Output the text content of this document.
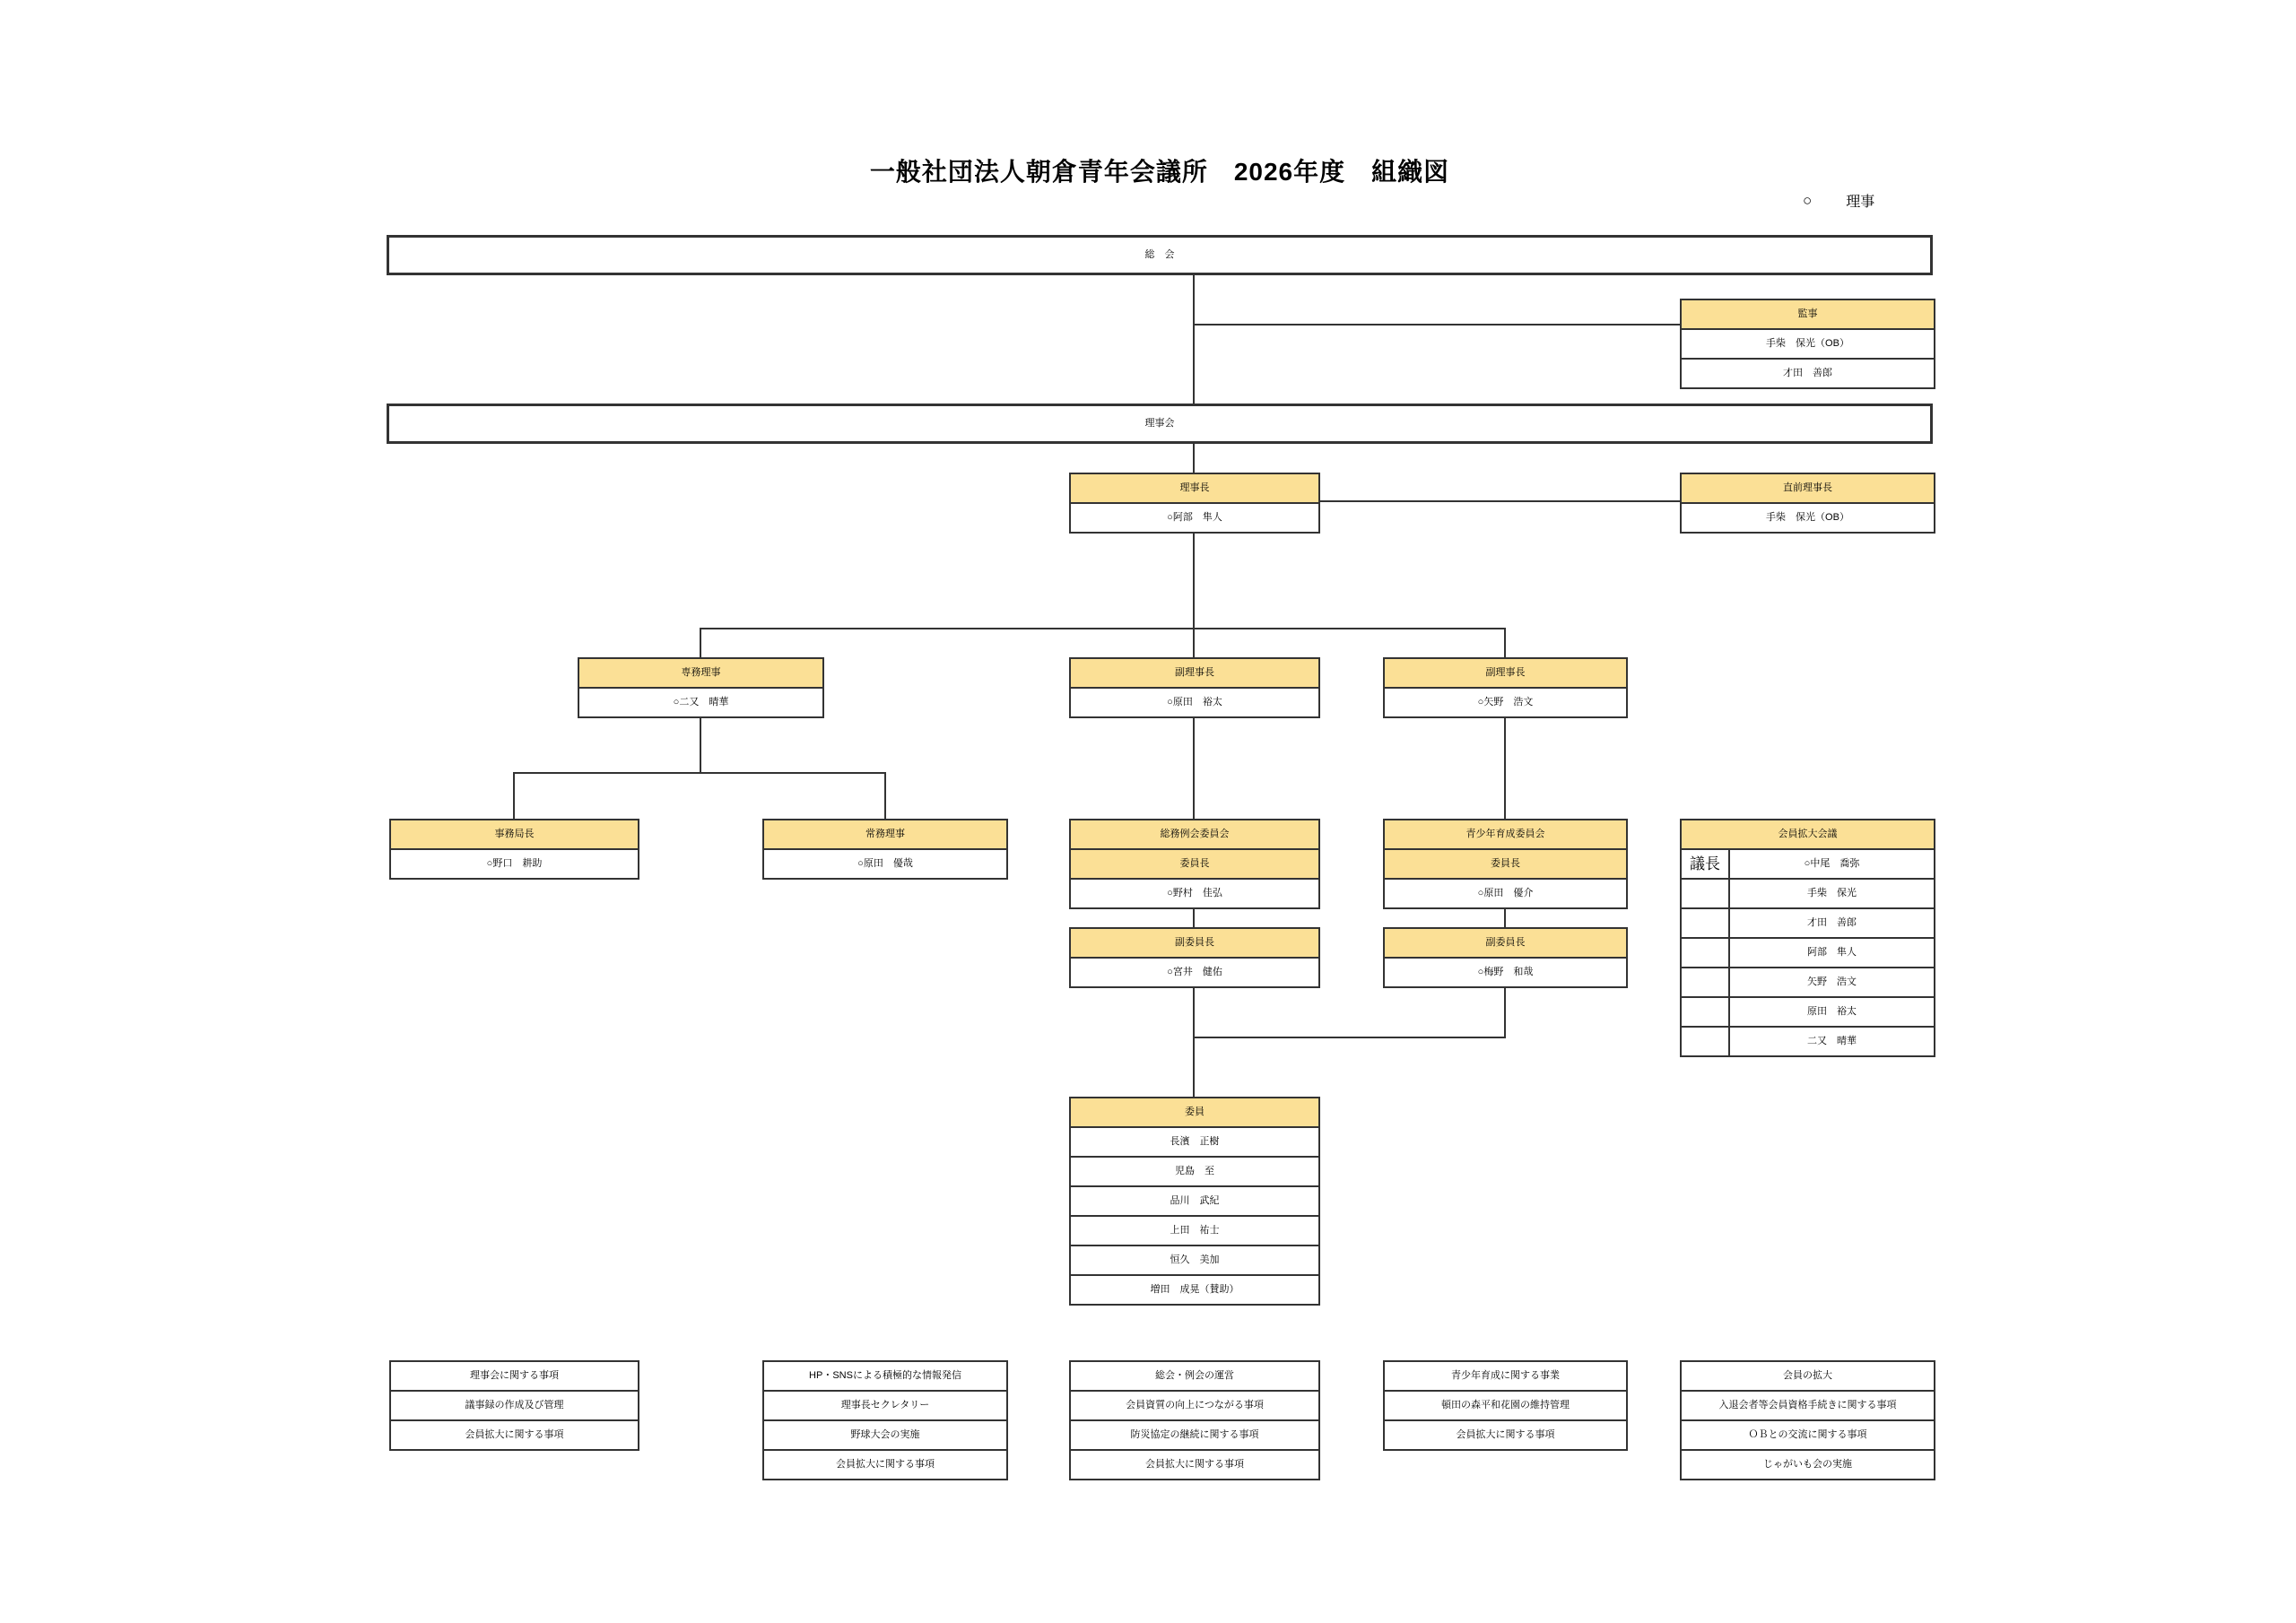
一般社団法人朝倉青年会議所　2026年度　組織図
○ 理事
総　会
監事
手柴　保光（OB）
才田　善郎
理事会
理事長
○阿部　隼人
直前理事長
手柴　保光（OB）
専務理事
○二又　晴華
副理事長
○原田　裕太
副理事長
○矢野　浩文
事務局長
○野口　耕助
常務理事
○原田　優哉
総務例会委員会
委員長
○野村　佳弘
青少年育成委員会
委員長
○原田　優介
会員拡大会議
議長	○中尾　喬弥
手柴　保光
才田　善郎
阿部　隼人
矢野　浩文
原田　裕太
二又　晴華
副委員長
○宮井　健佑
副委員長
○梅野　和哉
委員
長濱　正樹
児島　至
品川　武紀
上田　祐士
恒久　美加
増田　成晃（賛助）
理事会に関する事項
議事録の作成及び管理
会員拡大に関する事項
HP・SNSによる積極的な情報発信
理事長セクレタリー
野球大会の実施
会員拡大に関する事項
総会・例会の運営
会員資質の向上につながる事項
防災協定の継続に関する事項
会員拡大に関する事項
青少年育成に関する事業
頓田の森平和花園の維持管理
会員拡大に関する事項
会員の拡大
入退会者等会員資格手続きに関する事項
ＯＢとの交流に関する事項
じゃがいも会の実施
